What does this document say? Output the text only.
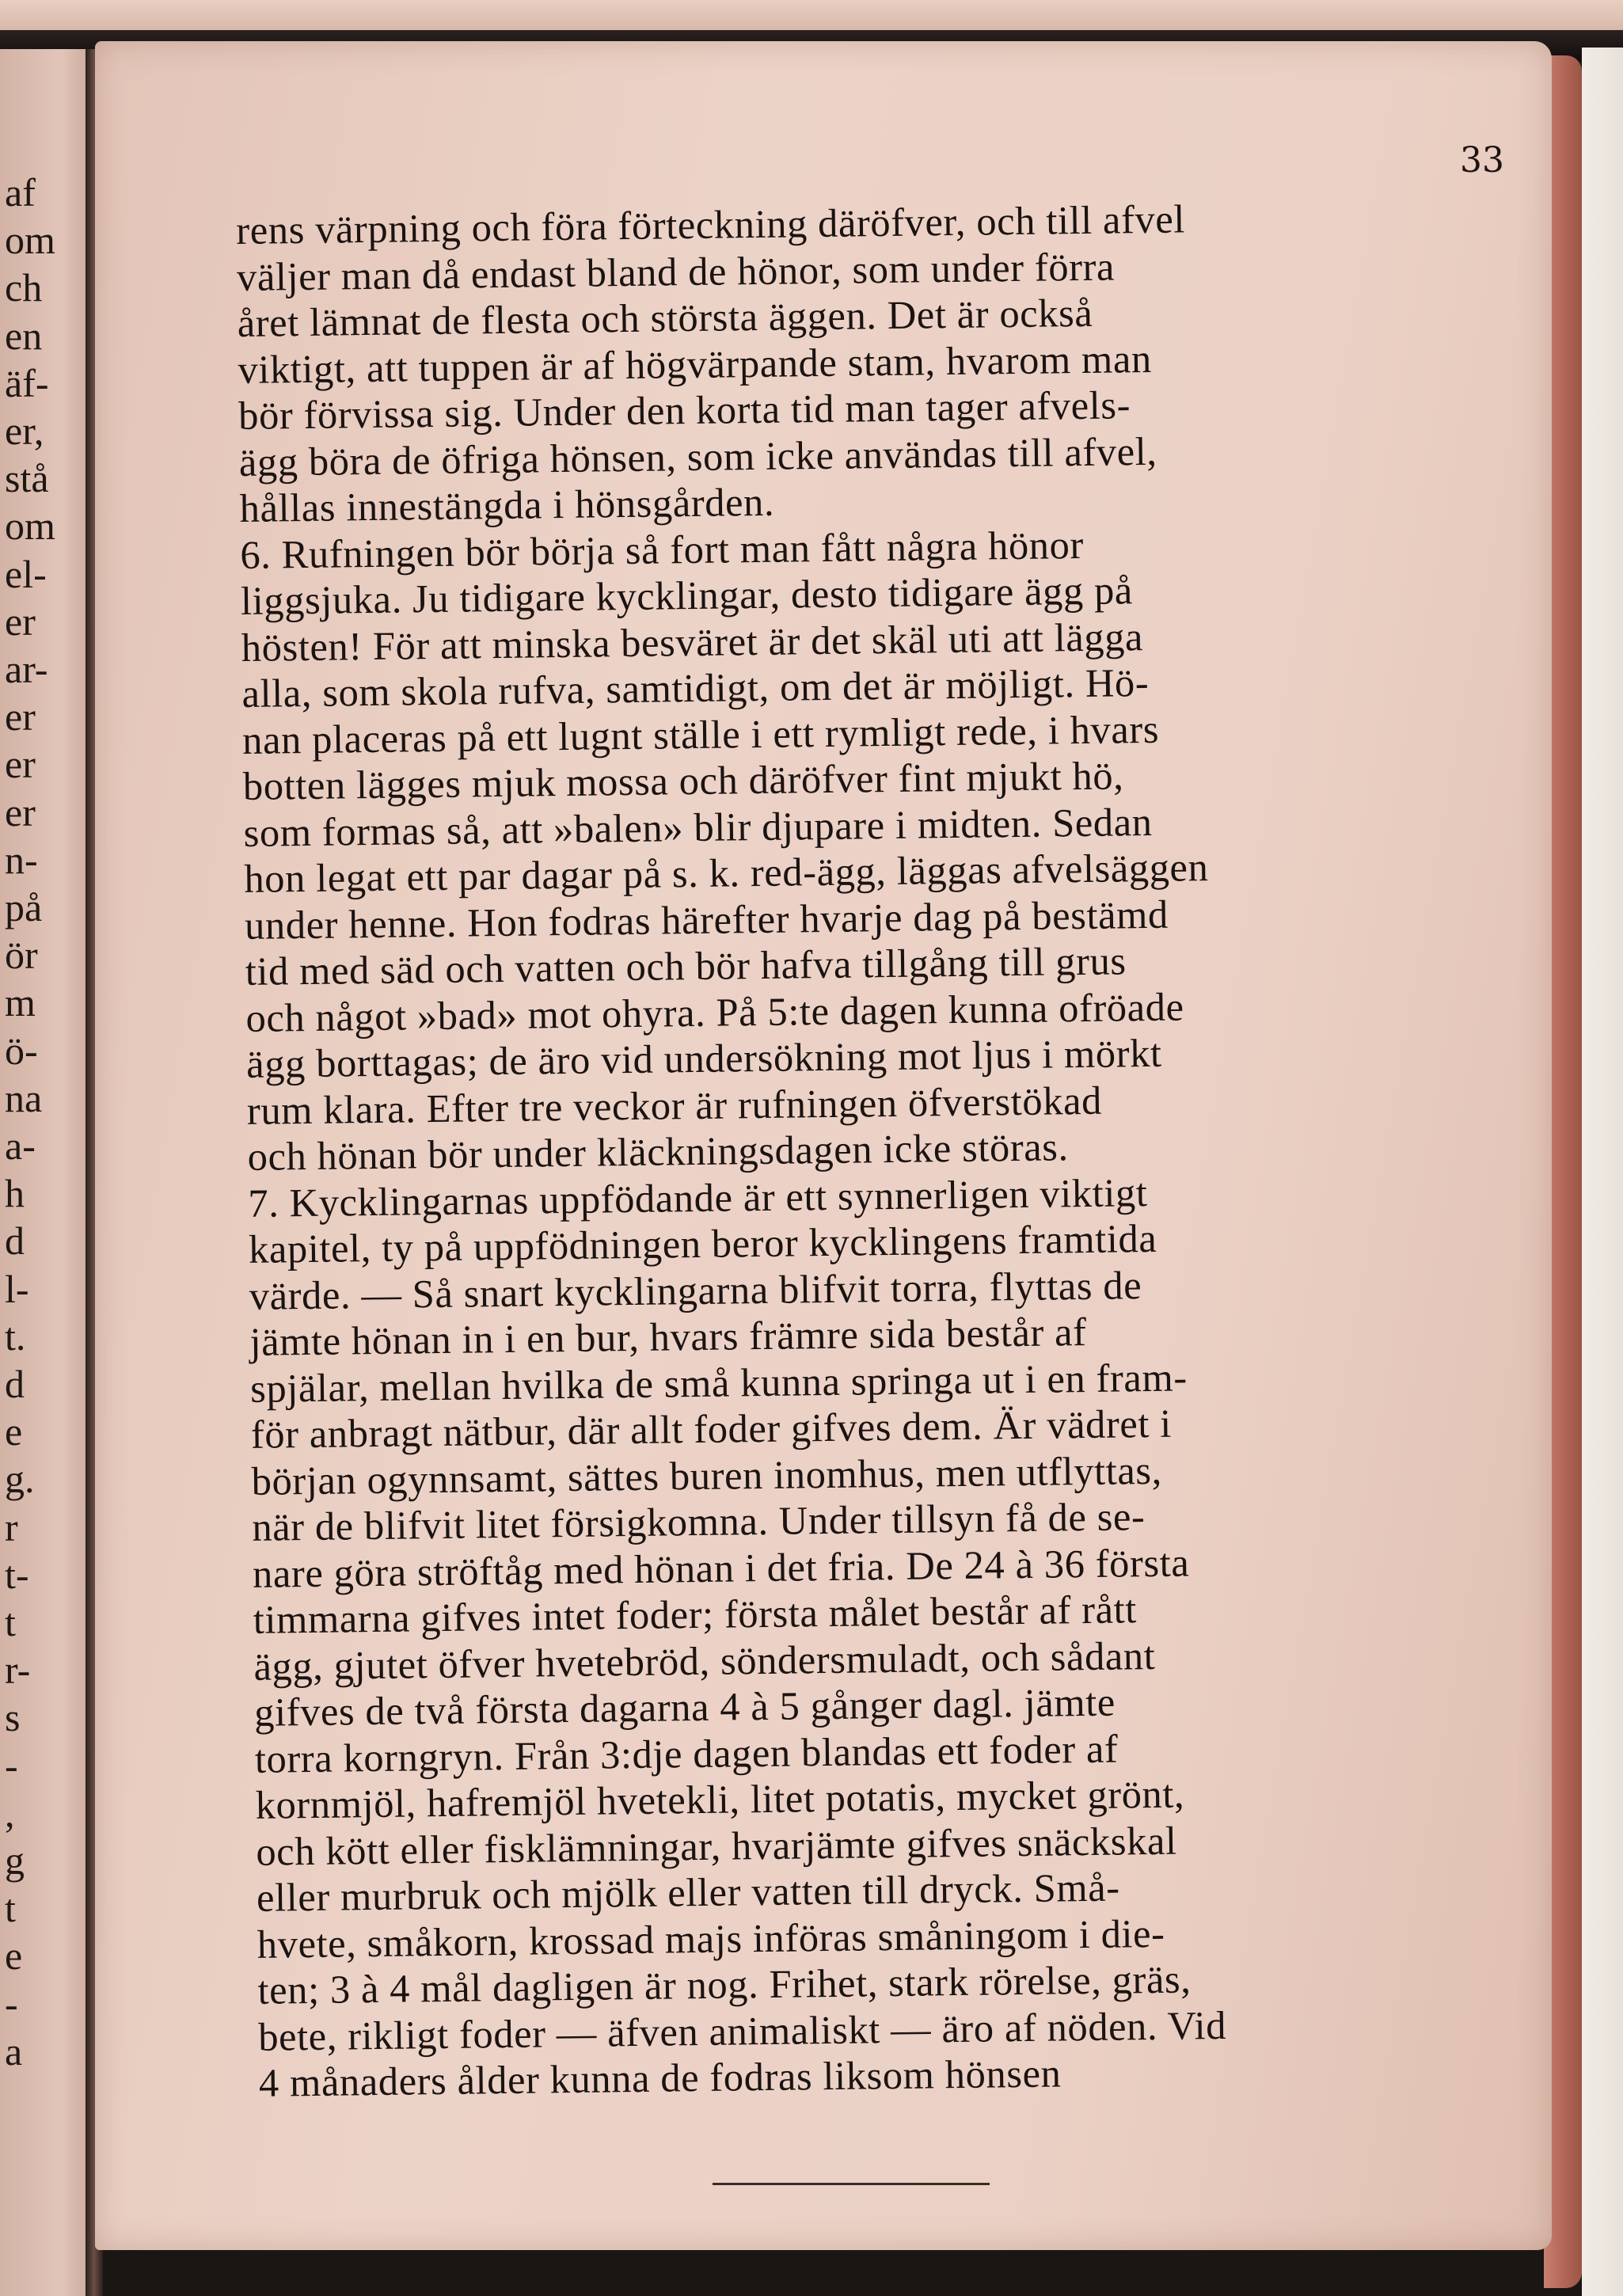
af
om
ch
en
äf-
er,
stå
om
el-
er
ar-
er
er
er
n-
på
ör
m
ö-
na
a-
h
d
l-
t.
d
e
g.
r
t-
t
r-
s
-
,
g
t
e
-
a
33
rens värpning och föra förteckning däröfver, och till afvel
väljer man då endast bland de hönor, som under förra
året lämnat de flesta och största äggen. Det är också
viktigt, att tuppen är af högvärpande stam, hvarom man
bör förvissa sig. Under den korta tid man tager afvels-
ägg böra de öfriga hönsen, som icke användas till afvel,
hållas innestängda i hönsgården.
6. Rufningen bör börja så fort man fått några hönor
liggsjuka. Ju tidigare kycklingar, desto tidigare ägg på
hösten! För att minska besväret är det skäl uti att lägga
alla, som skola rufva, samtidigt, om det är möjligt. Hö-
nan placeras på ett lugnt ställe i ett rymligt rede, i hvars
botten lägges mjuk mossa och däröfver fint mjukt hö,
som formas så, att »balen» blir djupare i midten. Sedan
hon legat ett par dagar på s. k. red-ägg, läggas afvelsäggen
under henne. Hon fodras härefter hvarje dag på bestämd
tid med säd och vatten och bör hafva tillgång till grus
och något »bad» mot ohyra. På 5:te dagen kunna ofröade
ägg borttagas; de äro vid undersökning mot ljus i mörkt
rum klara. Efter tre veckor är rufningen öfverstökad
och hönan bör under kläckningsdagen icke störas.
7. Kycklingarnas uppfödande är ett synnerligen viktigt
kapitel, ty på uppfödningen beror kycklingens framtida
värde. — Så snart kycklingarna blifvit torra, flyttas de
jämte hönan in i en bur, hvars främre sida består af
spjälar, mellan hvilka de små kunna springa ut i en fram-
för anbragt nätbur, där allt foder gifves dem. Är vädret i
början ogynnsamt, sättes buren inomhus, men utflyttas,
när de blifvit litet försigkomna. Under tillsyn få de se-
nare göra ströftåg med hönan i det fria. De 24 à 36 första
timmarna gifves intet foder; första målet består af rått
ägg, gjutet öfver hvetebröd, söndersmuladt, och sådant
gifves de två första dagarna 4 à 5 gånger dagl. jämte
torra korngryn. Från 3:dje dagen blandas ett foder af
kornmjöl, hafremjöl hvetekli, litet potatis, mycket grönt,
och kött eller fisklämningar, hvarjämte gifves snäckskal
eller murbruk och mjölk eller vatten till dryck. Små-
hvete, småkorn, krossad majs införas småningom i die-
ten; 3 à 4 mål dagligen är nog. Frihet, stark rörelse, gräs,
bete, rikligt foder — äfven animaliskt — äro af nöden. Vid
4 månaders ålder kunna de fodras liksom hönsen
